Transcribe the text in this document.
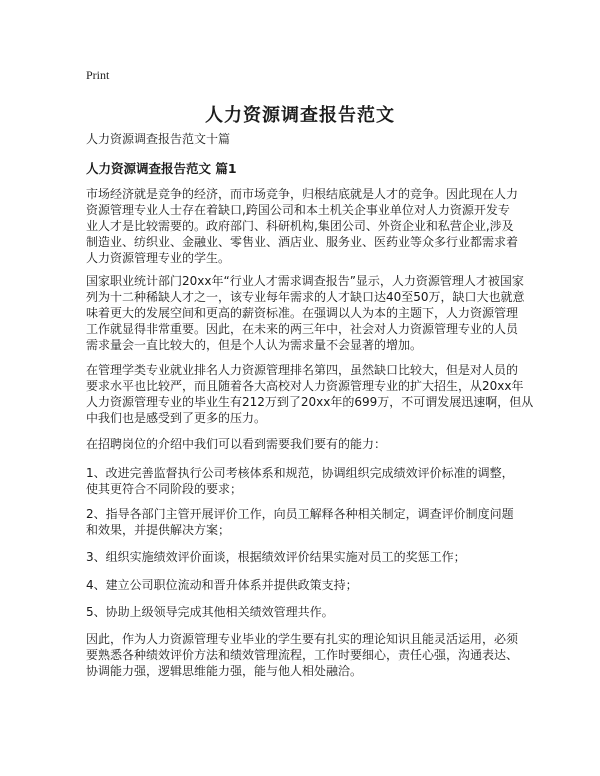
Print
人力资源调查报告范文

人力资源调查报告范文十篇

人力资源调查报告范文 篇1

市场经济就是竞争的经济，而市场竞争，归根结底就是人才的竞争。因此现在人力
资源管理专业人士存在着缺口,跨国公司和本土机关企事业单位对人力资源开发专
业人才是比较需要的。政府部门、科研机构,集团公司、外资企业和私营企业,涉及
制造业、纺织业、金融业、零售业、酒店业、服务业、医药业等众多行业都需求着
人力资源管理专业的学生。

国家职业统计部门20xx年“行业人才需求调查报告”显示，人力资源管理人才被国家
列为十二种稀缺人才之一，该专业每年需求的人才缺口达40至50万，缺口大也就意
味着更大的发展空间和更高的薪资标准。在强调以人为本的主题下，人力资源管理
工作就显得非常重要。因此，在未来的两三年中，社会对人力资源管理专业的人员
需求量会一直比较大的，但是个人认为需求量不会显著的增加。

在管理学类专业就业排名人力资源管理排名第四，虽然缺口比较大，但是对人员的
要求水平也比较严，而且随着各大高校对人力资源管理专业的扩大招生，从20xx年
人力资源管理专业的毕业生有212万到了20xx年的699万，不可谓发展迅速啊，但从
中我们也是感受到了更多的压力。

在招聘岗位的介绍中我们可以看到需要我们要有的能力：

1、改进完善监督执行公司考核体系和规范，协调组织完成绩效评价标准的调整，
使其更符合不同阶段的要求；

2、指导各部门主管开展评价工作，向员工解释各种相关制定，调查评价制度问题
和效果，并提供解决方案；

3、组织实施绩效评价面谈，根据绩效评价结果实施对员工的奖惩工作；

4、建立公司职位流动和晋升体系并提供政策支持；

5、协助上级领导完成其他相关绩效管理共作。

因此，作为人力资源管理专业毕业的学生要有扎实的理论知识且能灵活运用，必须
要熟悉各种绩效评价方法和绩效管理流程，工作时要细心，责任心强，沟通表达、
协调能力强，逻辑思维能力强，能与他人相处融洽。
